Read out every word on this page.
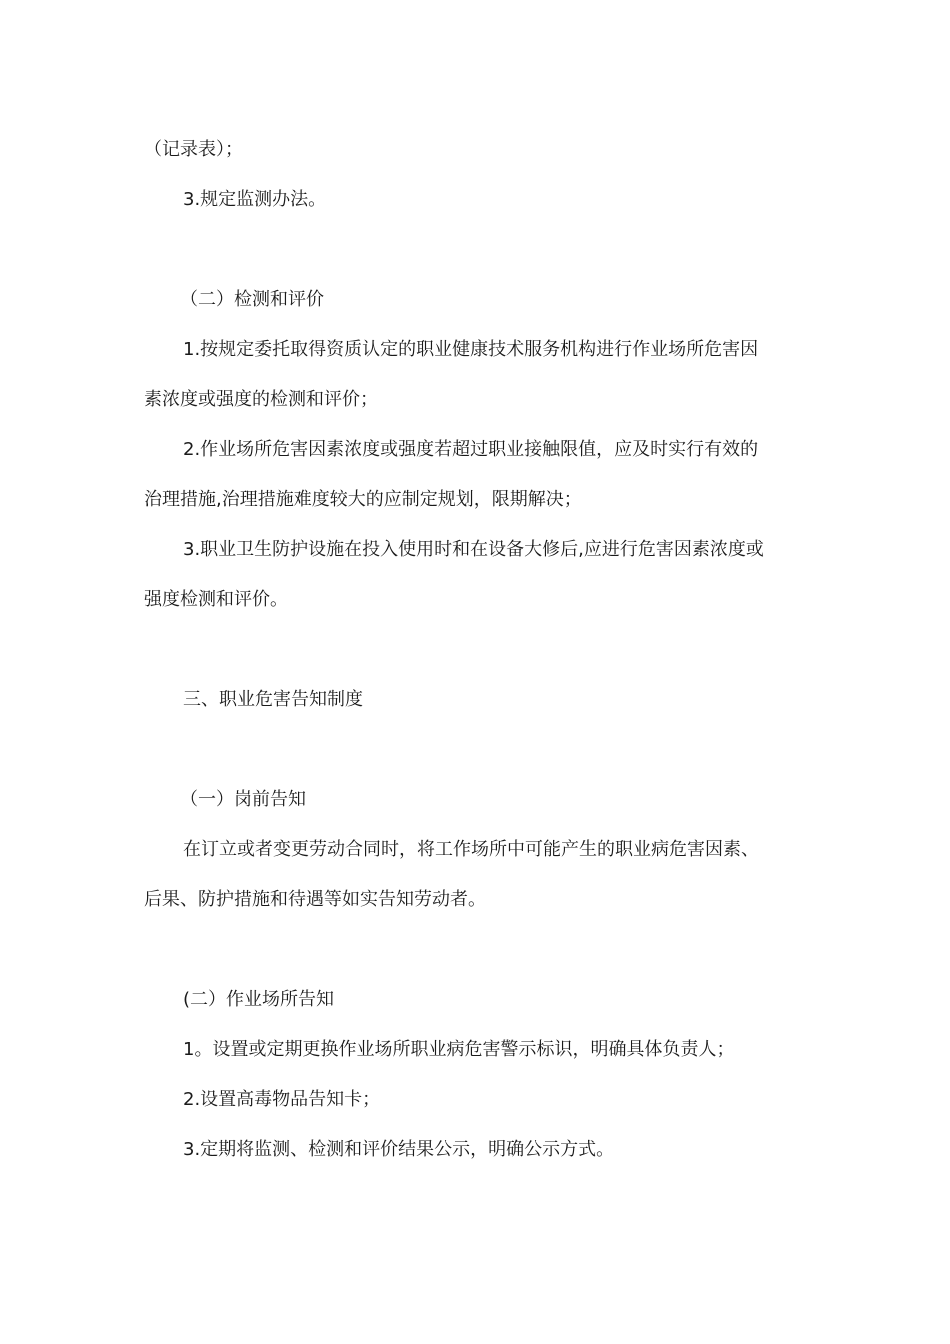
（记录表）；
3.规定监测办法。
（二）检测和评价
1.按规定委托取得资质认定的职业健康技术服务机构进行作业场所危害因
素浓度或强度的检测和评价；
2.作业场所危害因素浓度或强度若超过职业接触限值，应及时实行有效的
治理措施,治理措施难度较大的应制定规划，限期解决；
3.职业卫生防护设施在投入使用时和在设备大修后,应进行危害因素浓度或
强度检测和评价。
三、职业危害告知制度
（一）岗前告知
在订立或者变更劳动合同时，将工作场所中可能产生的职业病危害因素、
后果、防护措施和待遇等如实告知劳动者。
(二）作业场所告知
1。设置或定期更换作业场所职业病危害警示标识，明确具体负责人；
2.设置高毒物品告知卡；
3.定期将监测、检测和评价结果公示，明确公示方式。
